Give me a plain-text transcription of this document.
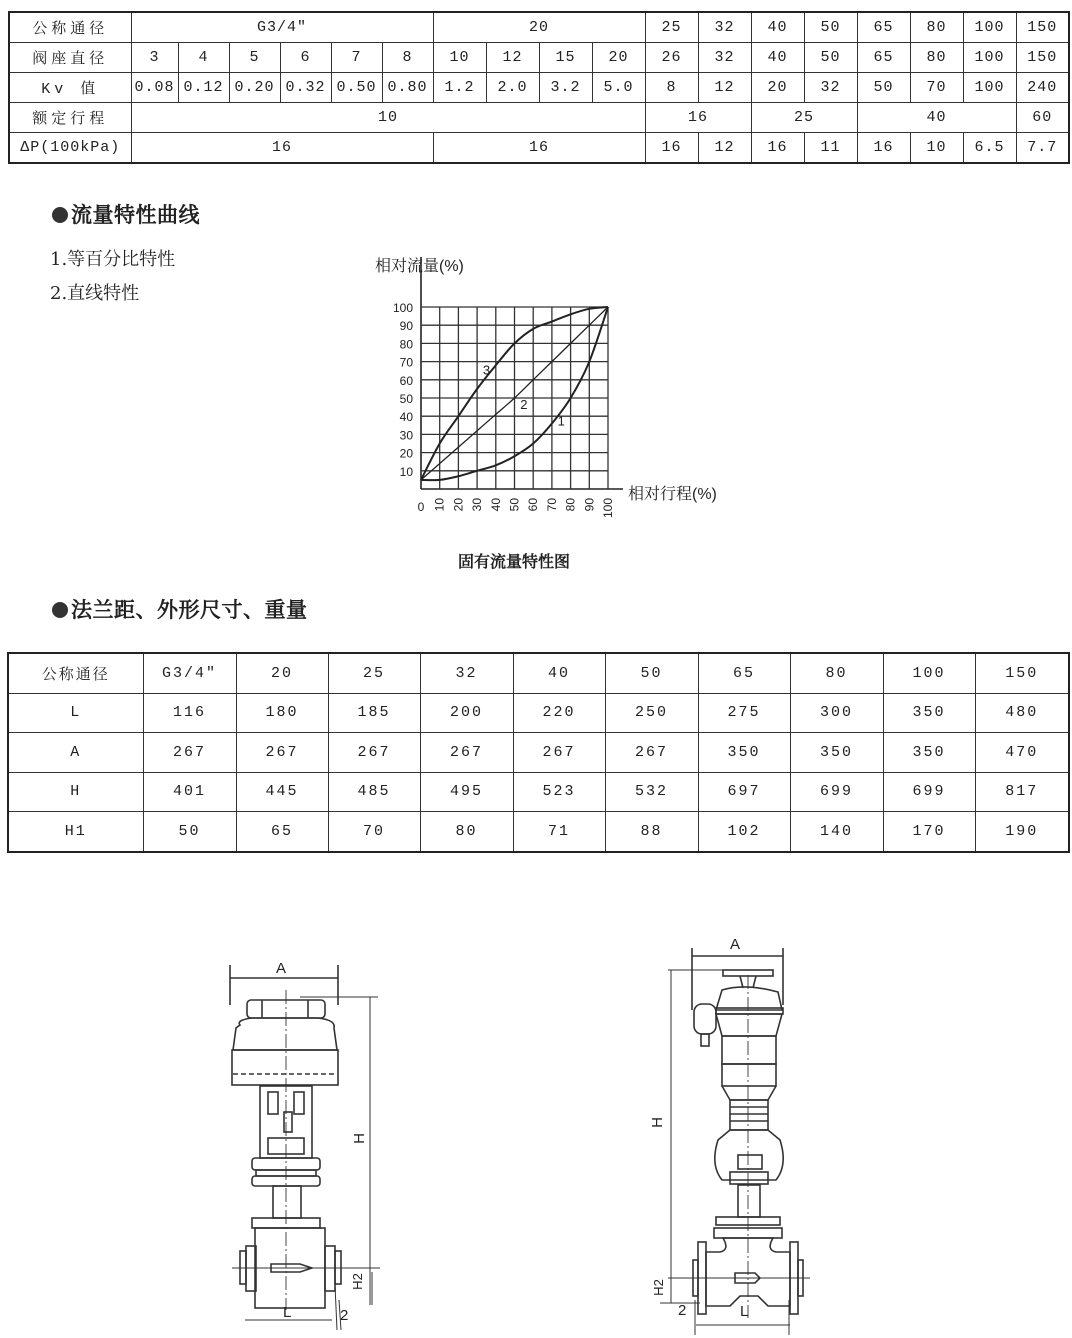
公称通径	G3/4″						20				25	32	40	50	65	80	100	150
阀座直径	3	4	5	6	7	8	10	12	15	20	26	32	40	50	65	80	100	150
Kv 值	0.08	0.12	0.20	0.32	0.50	0.80	1.2	2.0	3.2	5.0	8	12	20	32	50	70	100	240
额定行程	10										16		25		40			60
ΔP(100kPa)	16						16				16	12	16	11	16	10	6.5	7.7
流量特性曲线
1.等百分比特性
2.直线特性
10
20
30
40
50
60
70
80
90
100
0 10 20 30 40 50 60 70 80 90 100
1
2
3
相对流量(%)
相对行程(%)
固有流量特性图
法兰距、外形尺寸、重量
公称通径	G3/4″	20	25	32	40	50	65	80	100	150
L	116	180	185	200	220	250	275	300	350	480
A	267	267	267	267	267	267	350	350	350	470
H	401	445	485	495	523	532	697	699	699	817
H1	50	65	70	80	71	88	102	140	170	190
A
H
H2
L	2
A
H
H2
L
2
